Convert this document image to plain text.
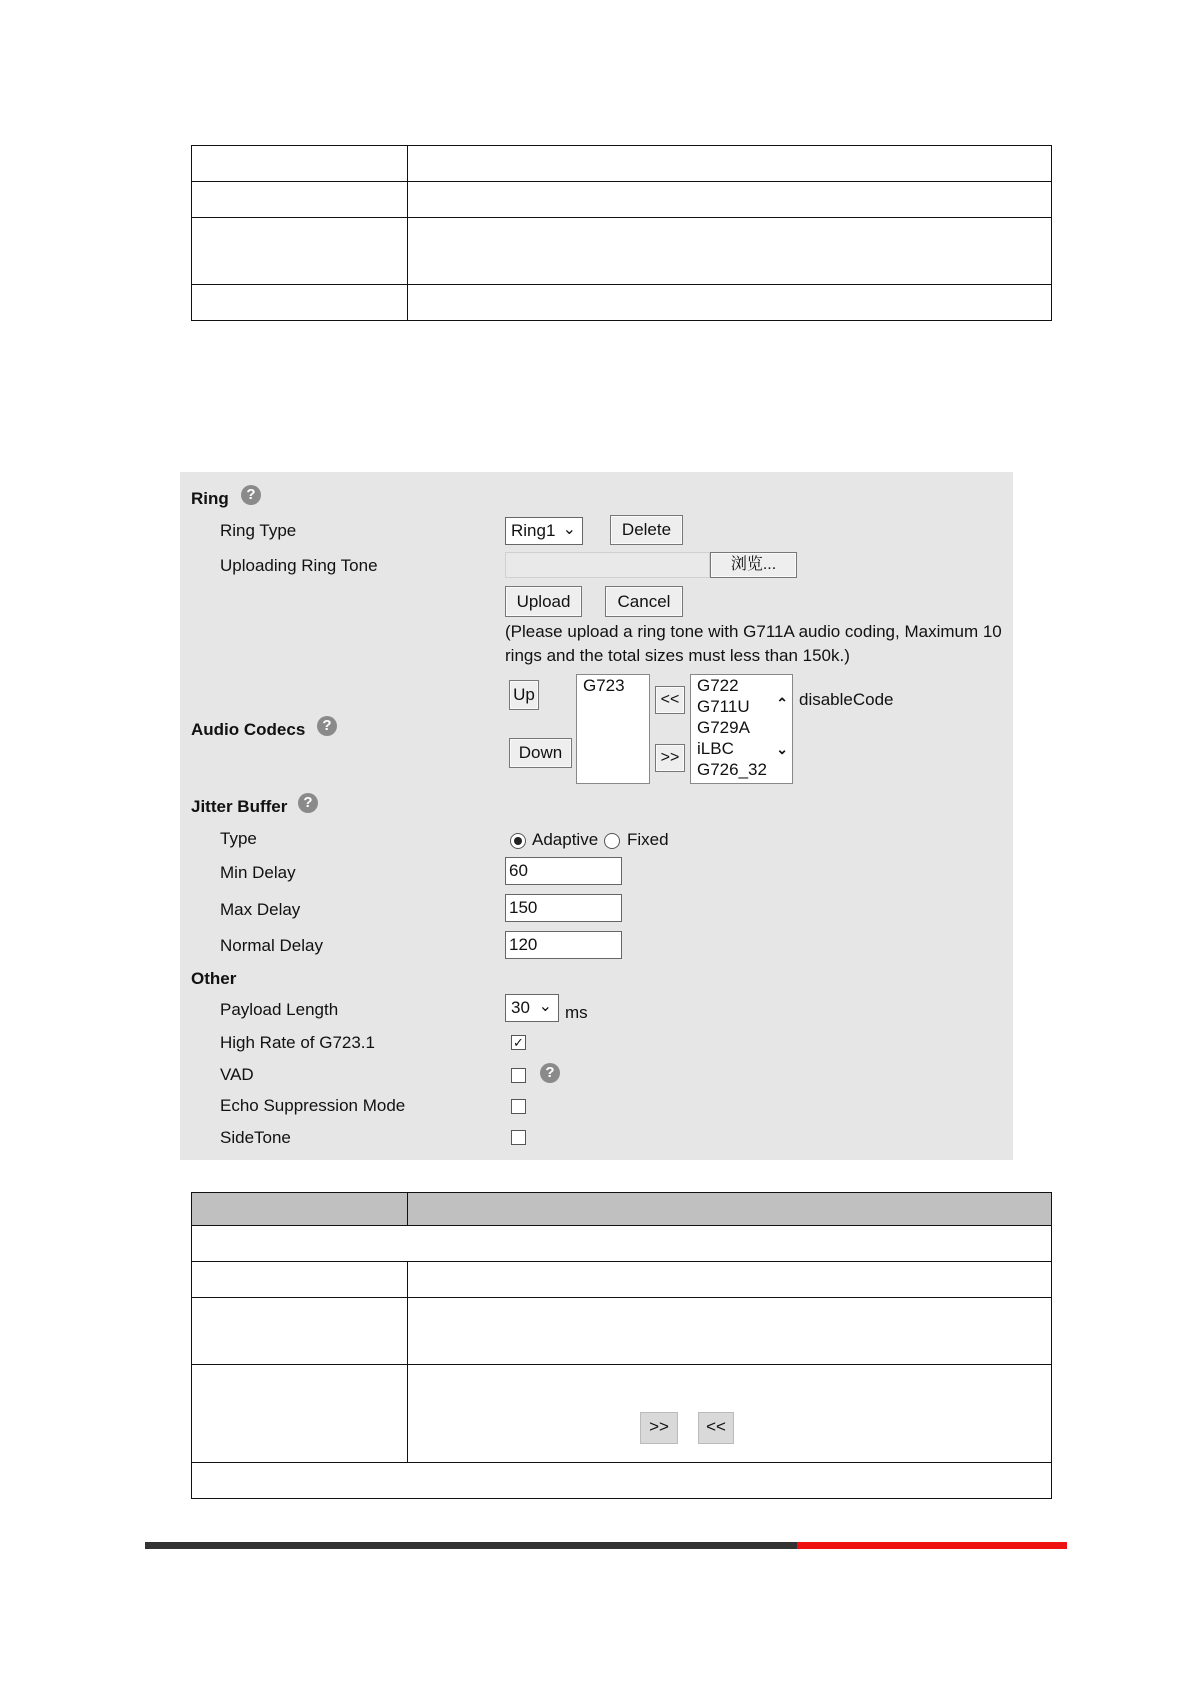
Ring	?
Ring Type	Ring1 ⌄	Delete
Uploading Ring Tone	浏览...
Upload	Cancel
(Please upload a ring tone with G711A audio coding, Maximum 10
rings and the total sizes must less than 150k.)
Audio Codecs	?
Up
Down
G723
<<
>>
G722
G711U
G729A
iLBC
G726_32
⌃
⌄
disableCode
Jitter Buffer	?
Type	Adaptive Fixed
Min Delay	60
Max Delay	150
Normal Delay	120
Other
Payload Length	30 ⌄ ms
High Rate of G723.1	✓
VAD	?
Echo Suppression Mode
SideTone

	>> <<
